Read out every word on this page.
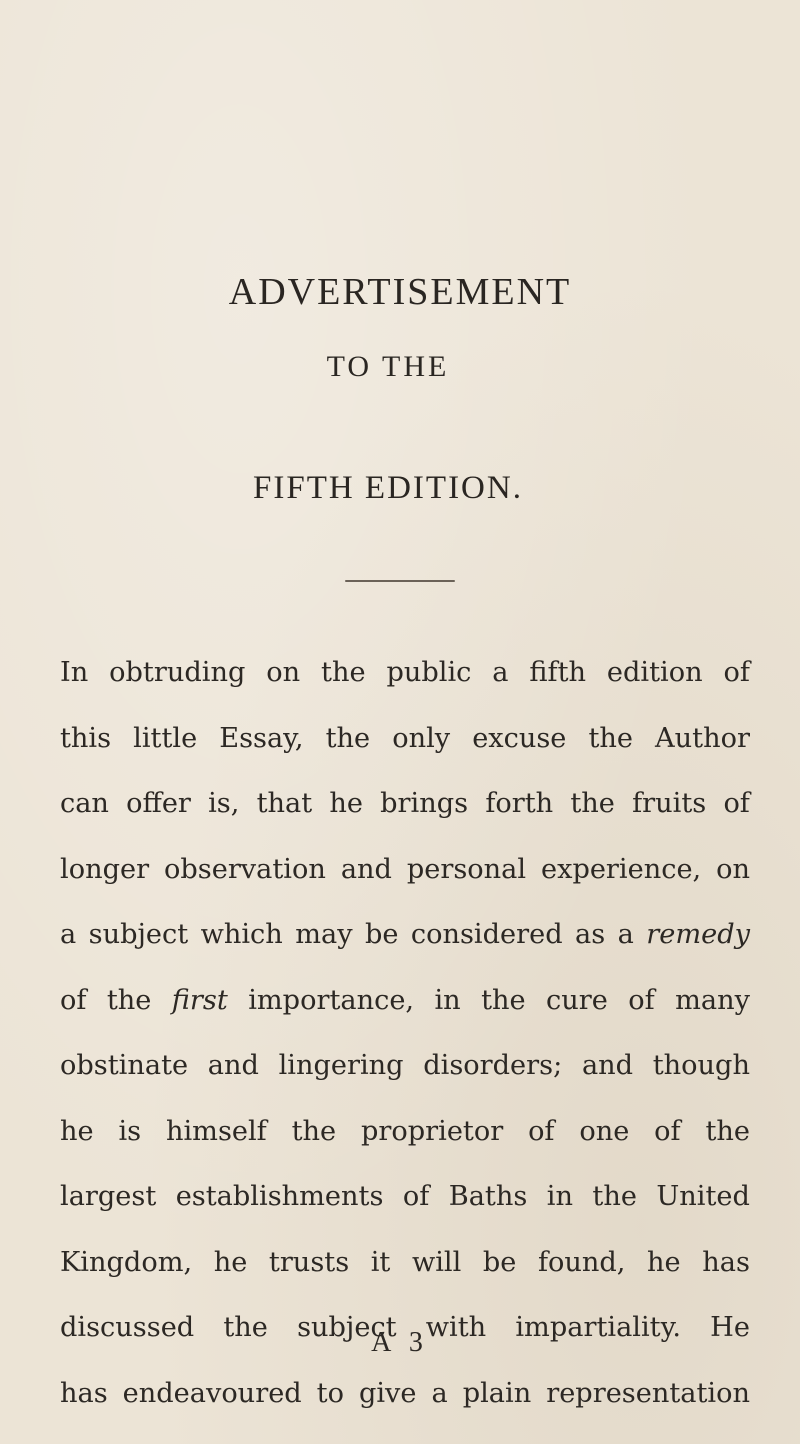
ADVERTISEMENT
TO THE
FIFTH EDITION.
In obtruding on the public a fifth edition of
this little Essay, the only excuse the Author
can offer is, that he brings forth the fruits of
longer observation and personal experience, on
a subject which may be considered as a remedy
of the first importance, in the cure of many
obstinate and lingering disorders; and though
he is himself the proprietor of one of the
largest establishments of Baths in the United
Kingdom, he trusts it will be found, he has
discussed the subject with impartiality. He
has endeavoured to give a plain representation
A 3
